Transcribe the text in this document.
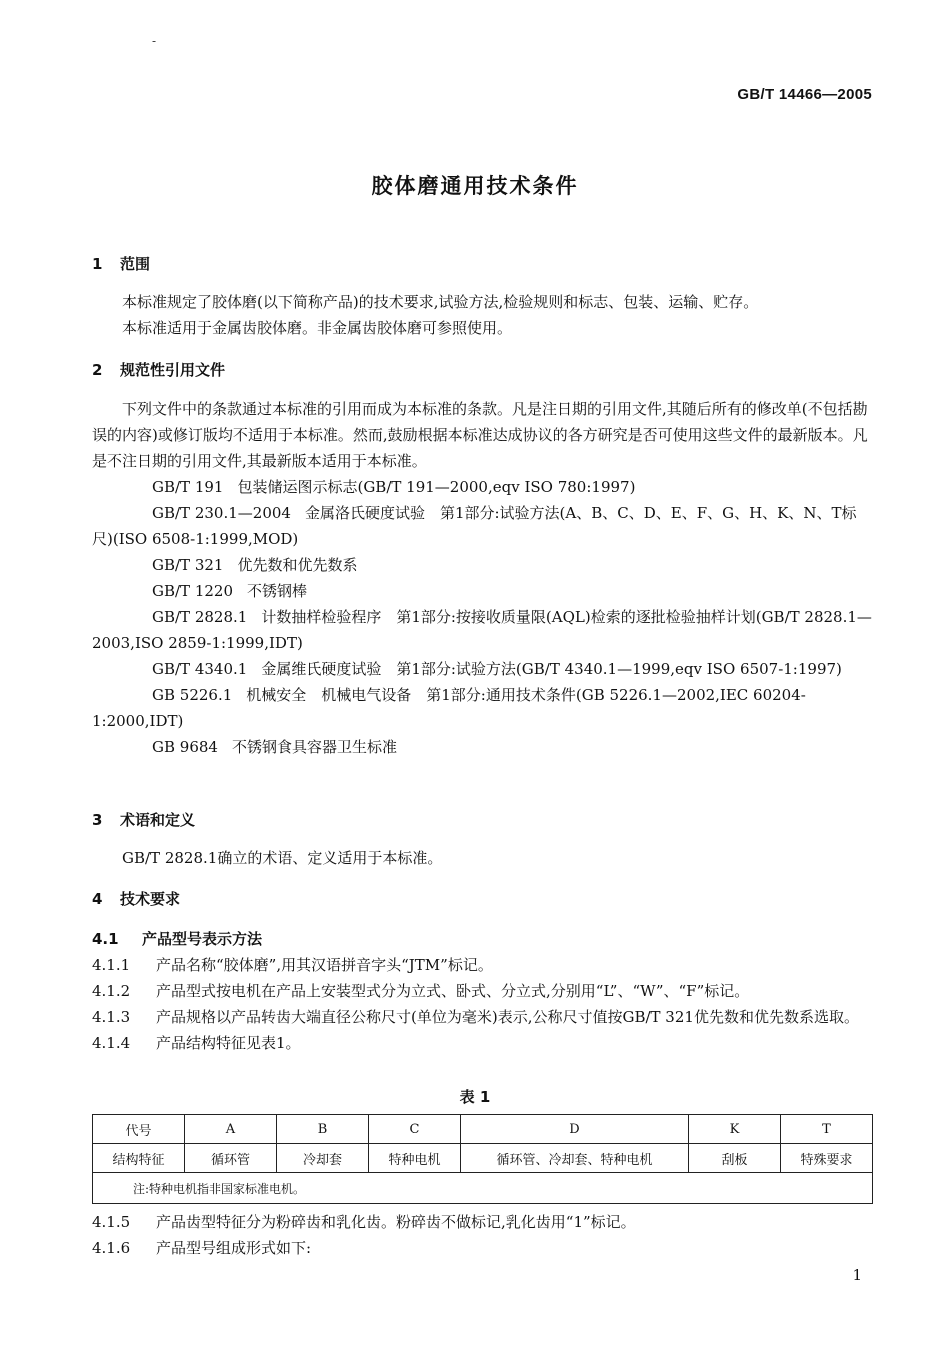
-
GB/T 14466—2005
胶体磨通用技术条件
1 范围
本标准规定了胶体磨(以下简称产品)的技术要求,试验方法,检验规则和标志、包装、运输、贮存。
本标准适用于金属齿胶体磨。非金属齿胶体磨可参照使用。
2 规范性引用文件
下列文件中的条款通过本标准的引用而成为本标准的条款。凡是注日期的引用文件,其随后所有的修改单(不包括勘误的内容)或修订版均不适用于本标准。然而,鼓励根据本标准达成协议的各方研究是否可使用这些文件的最新版本。凡是不注日期的引用文件,其最新版本适用于本标准。
GB/T 191 包装储运图示标志(GB/T 191—2000,eqv ISO 780:1997)
GB/T 230.1—2004 金属洛氏硬度试验　第1部分:试验方法(A、B、C、D、E、F、G、H、K、N、T标尺)(ISO 6508-1:1999,MOD)
GB/T 321 优先数和优先数系
GB/T 1220 不锈钢棒
GB/T 2828.1 计数抽样检验程序　第1部分:按接收质量限(AQL)检索的逐批检验抽样计划(GB/T 2828.1—2003,ISO 2859-1:1999,IDT)
GB/T 4340.1 金属维氏硬度试验　第1部分:试验方法(GB/T 4340.1—1999,eqv ISO 6507-1:1997)
GB 5226.1 机械安全　机械电气设备　第1部分:通用技术条件(GB 5226.1—2002,IEC 60204-1:2000,IDT)
GB 9684 不锈钢食具容器卫生标准
3 术语和定义
GB/T 2828.1确立的术语、定义适用于本标准。
4 技术要求
4.1 产品型号表示方法
4.1.1 产品名称“胶体磨”,用其汉语拼音字头“JTM”标记。
4.1.2 产品型式按电机在产品上安装型式分为立式、卧式、分立式,分别用“L”、“W”、“F”标记。
4.1.3 产品规格以产品转齿大端直径公称尺寸(单位为毫米)表示,公称尺寸值按GB/T 321优先数和优先数系选取。
4.1.4 产品结构特征见表1。
表 1
代号	A	B	C	D	K	T
结构特征	循环管	冷却套	特种电机	循环管、冷却套、特种电机	刮板	特殊要求
注:特种电机指非国家标准电机。						
4.1.5 产品齿型特征分为粉碎齿和乳化齿。粉碎齿不做标记,乳化齿用“1”标记。
4.1.6 产品型号组成形式如下:
1
